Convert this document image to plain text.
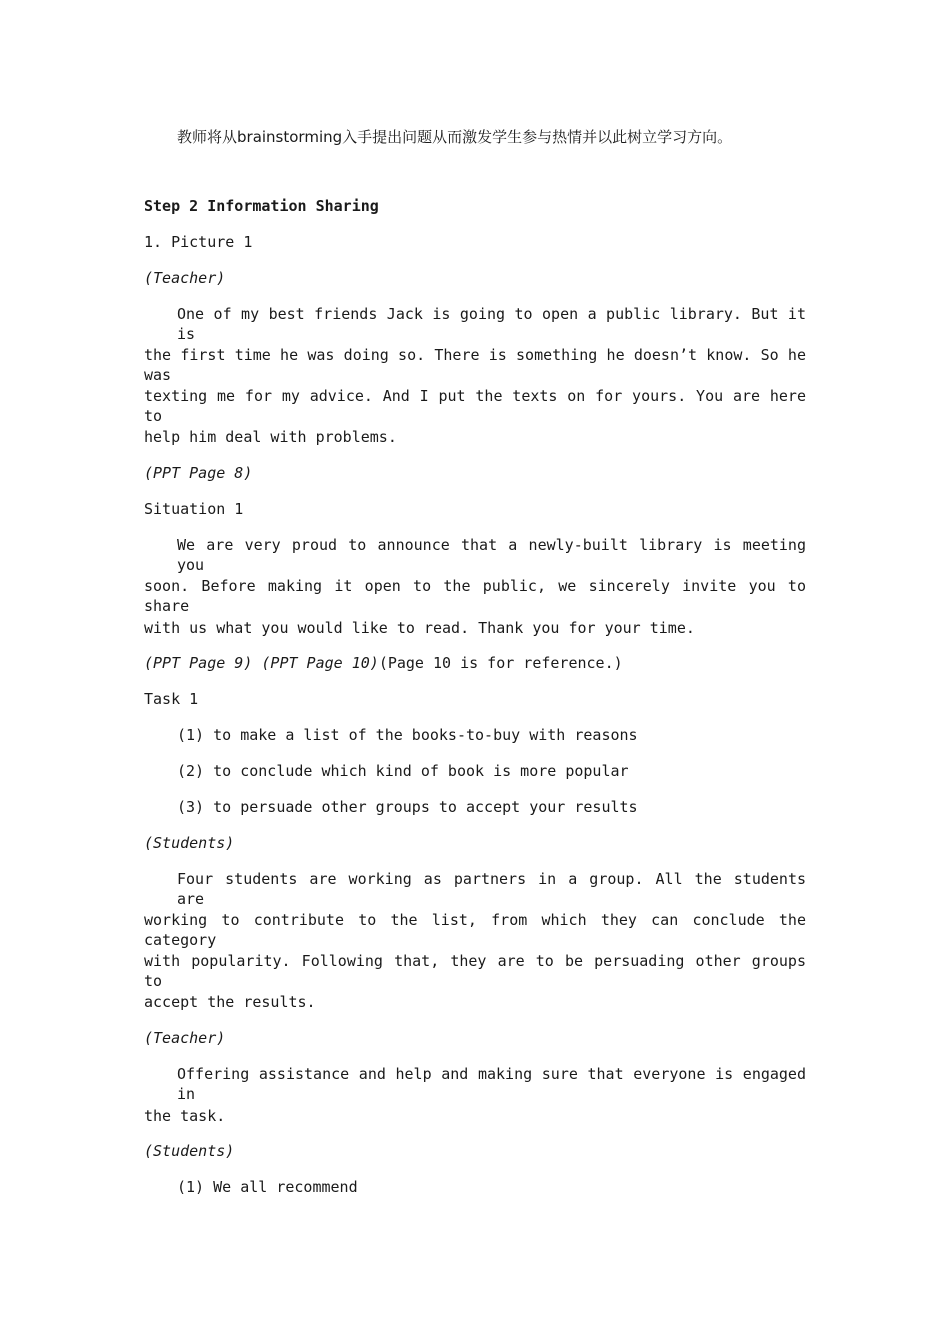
教师将从brainstorming入手提出问题从而激发学生参与热情并以此树立学习方向。
Step 2 Information Sharing
1. Picture 1
(Teacher)
One of my best friends Jack is going to open a public library. But it is
the first time he was doing so. There is something he doesn’t know. So he was
texting me for my advice. And I put the texts on for yours. You are here to
help him deal with problems.
(PPT Page 8)
Situation 1
We are very proud to announce that a newly-built library is meeting you
soon. Before making it open to the public, we sincerely invite you to share
with us what you would like to read. Thank you for your time.
(PPT Page 9) (PPT Page 10)(Page 10 is for reference.)
Task 1
(1) to make a list of the books-to-buy with reasons
(2) to conclude which kind of book is more popular
(3) to persuade other groups to accept your results
(Students)
Four students are working as partners in a group. All the students are
working to contribute to the list, from which they can conclude the category
with popularity. Following that, they are to be persuading other groups to
accept the results.
(Teacher)
Offering assistance and help and making sure that everyone is engaged in
the task.
(Students)
(1) We all recommend
